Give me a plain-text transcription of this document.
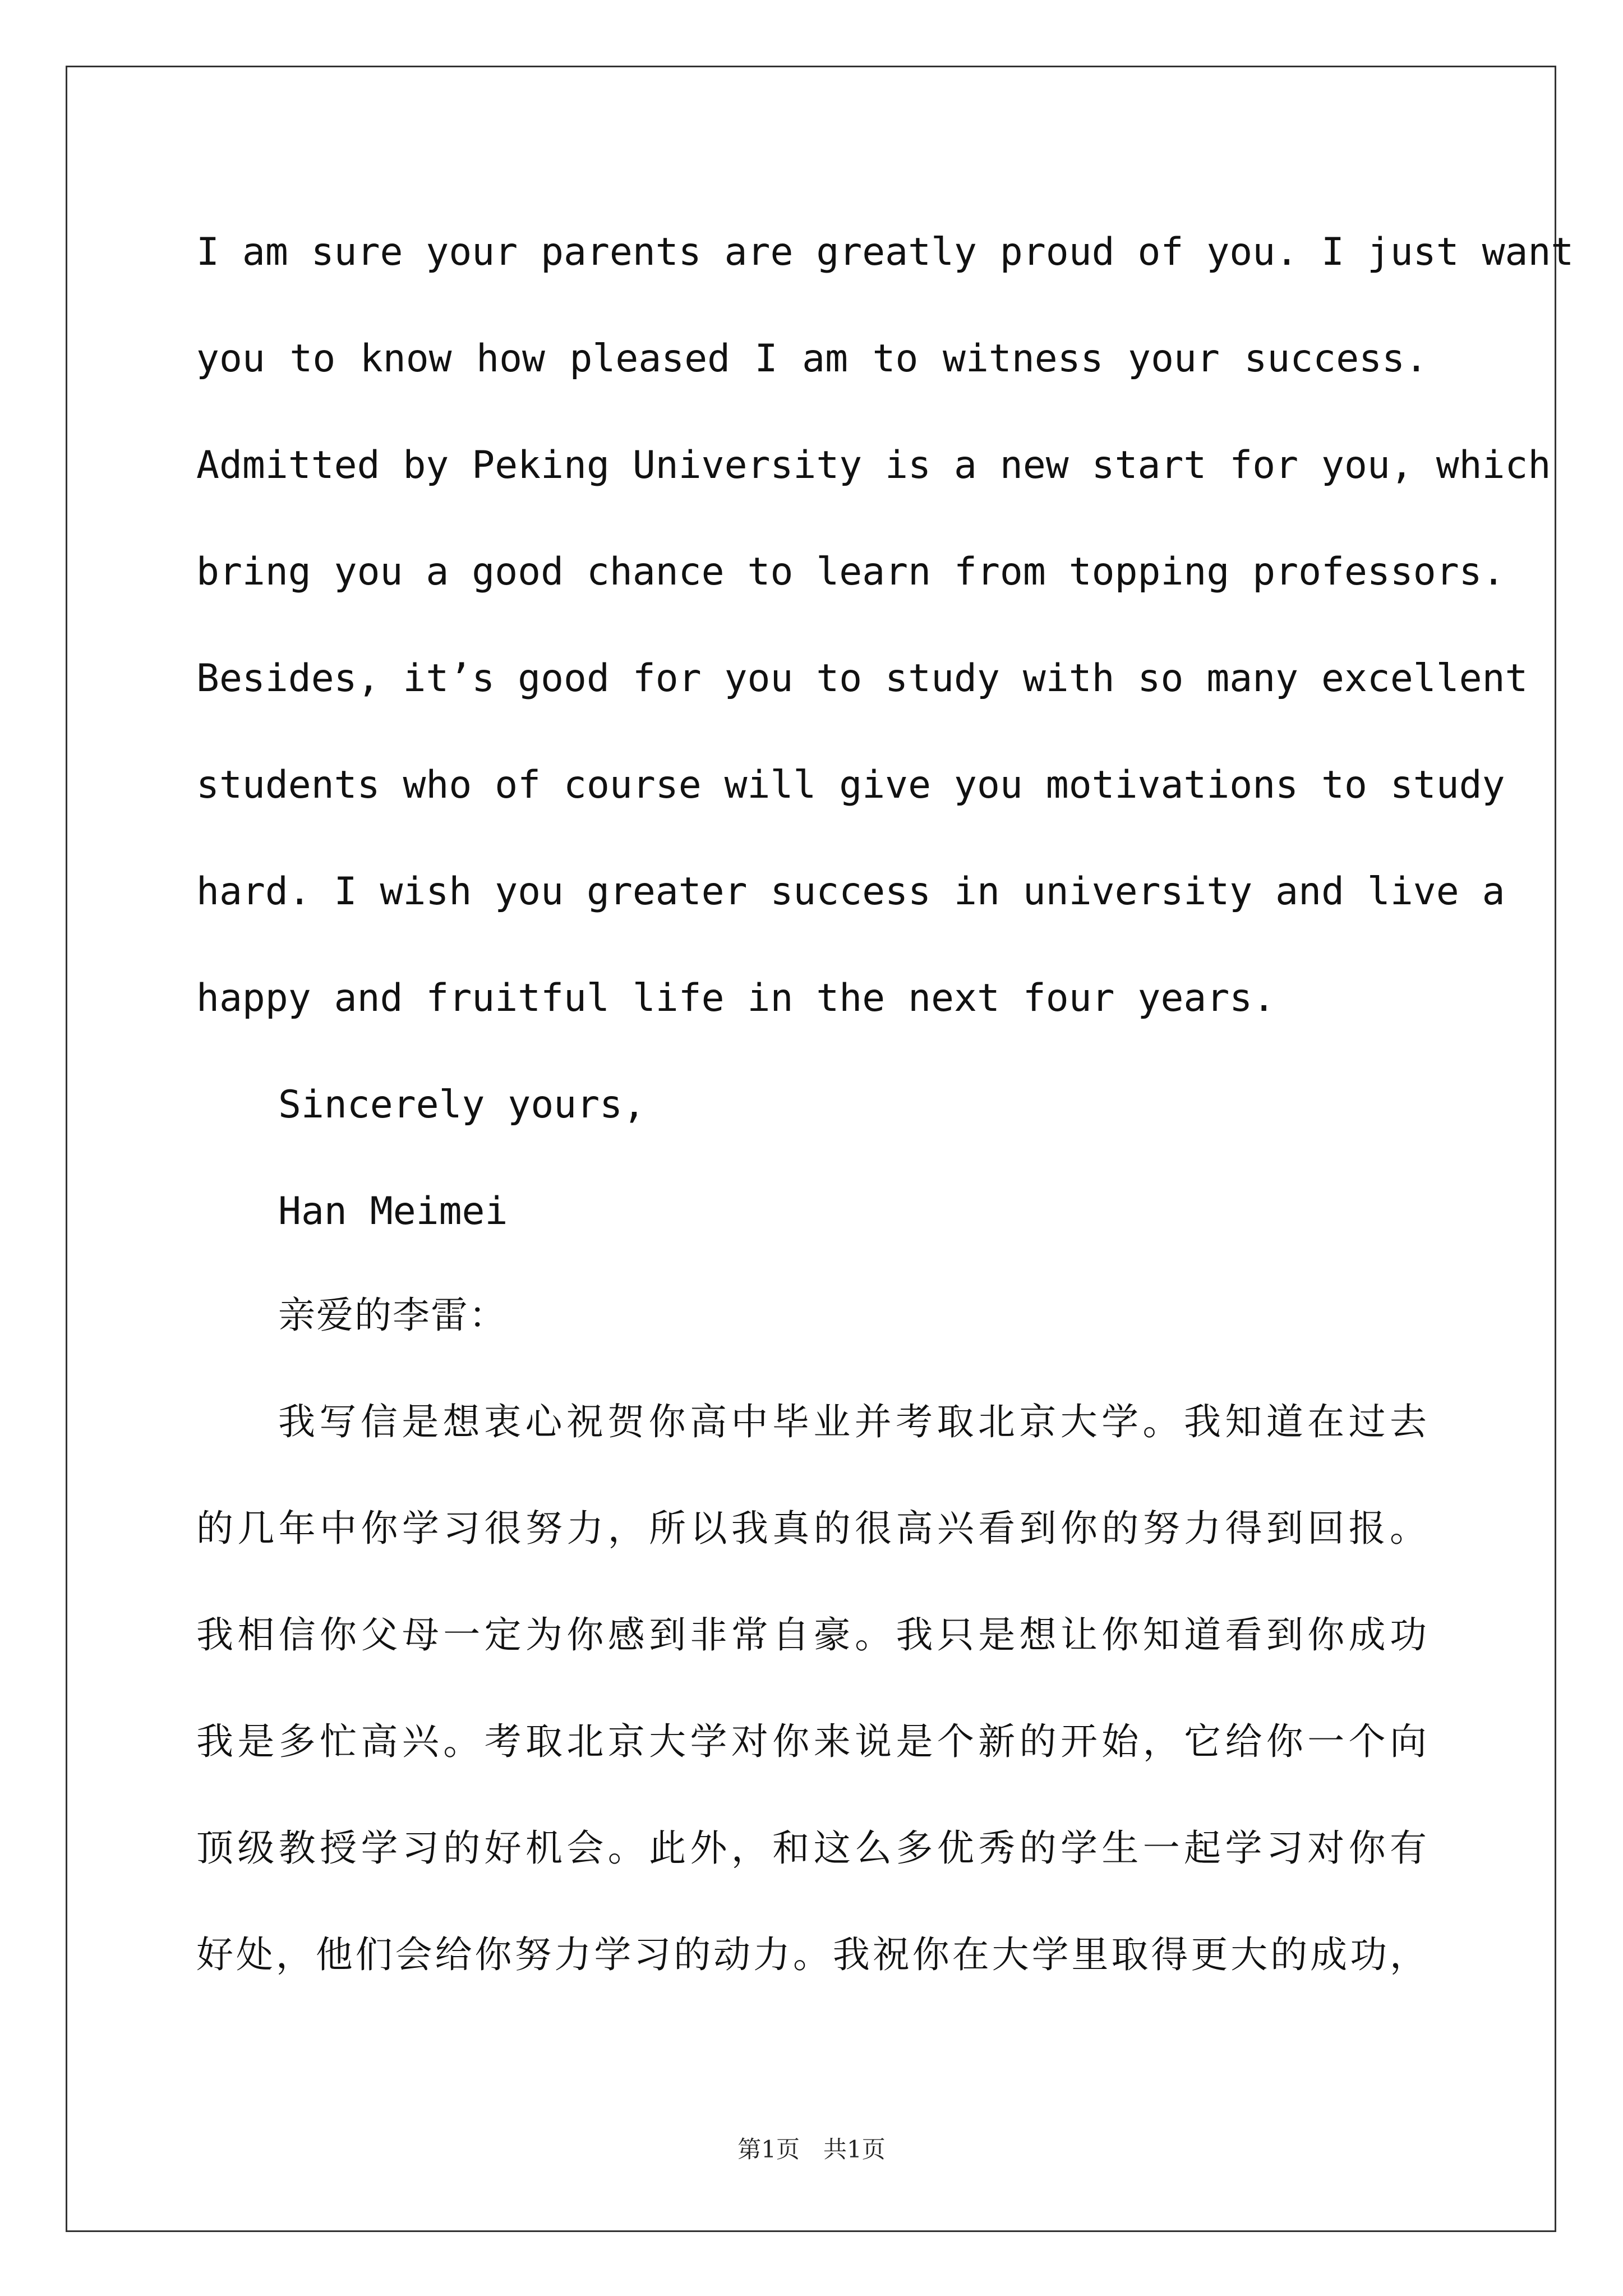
I am sure your parents are greatly proud of you. I just want
you to know how pleased I am to witness your success.
Admitted by Peking University is a new start for you, which
bring you a good chance to learn from topping professors.
Besides, it’s good for you to study with so many excellent
students who of course will give you motivations to study
hard. I wish you greater success in university and live a
happy and fruitful life in the next four years.
Sincerely yours,
Han Meimei
亲爱的李雷：
我写信是想衷心祝贺你高中毕业并考取北京大学。我知道在过去
的几年中你学习很努力，所以我真的很高兴看到你的努力得到回报。
我相信你父母一定为你感到非常自豪。我只是想让你知道看到你成功
我是多忙高兴。考取北京大学对你来说是个新的开始，它给你一个向
顶级教授学习的好机会。此外，和这么多优秀的学生一起学习对你有
好处，他们会给你努力学习的动力。我祝你在大学里取得更大的成功，
第1页　共1页
